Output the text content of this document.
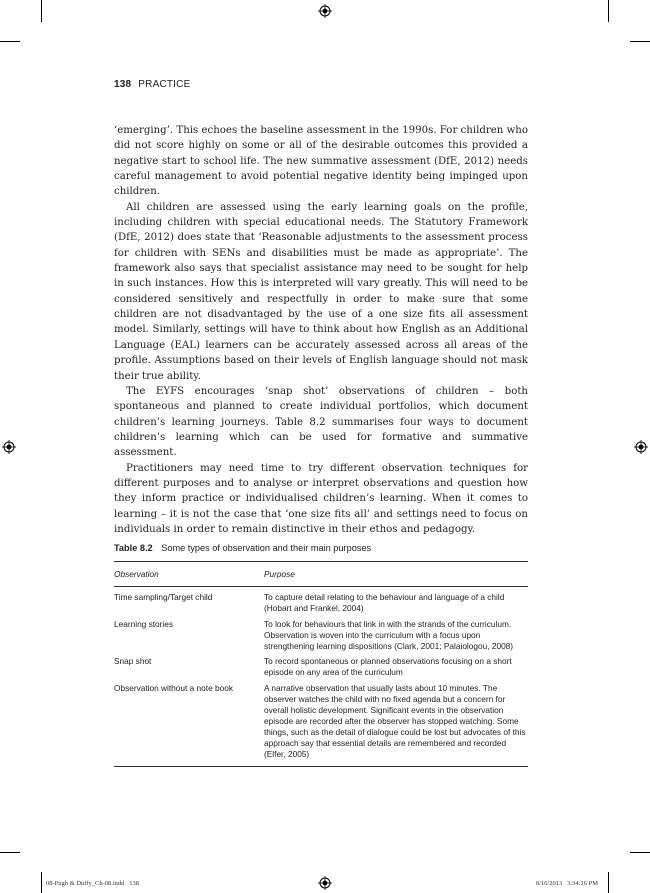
138 PRACTICE

‘emerging’. This echoes the baseline assessment in the 1990s. For children who did not score highly on some or all of the desirable outcomes this provided a negative start to school life. The new summative assessment (DfE, 2012) needs careful management to avoid potential negative identity being impinged upon children.

All children are assessed using the early learning goals on the profile, including children with special educational needs. The Statutory Framework (DfE, 2012) does state that ‘Reasonable adjustments to the assessment process for children with SENs and disabilities must be made as appropriate’. The framework also says that specialist assistance may need to be sought for help in such instances. How this is interpreted will vary greatly. This will need to be considered sensitively and respectfully in order to make sure that some children are not disadvantaged by the use of a one size fits all assessment model. Similarly, settings will have to think about how English as an Additional Language (EAL) learners can be accurately assessed across all areas of the profile. Assumptions based on their levels of English language should not mask their true ability.

The EYFS encourages ‘snap shot’ observations of children – both spontaneous and planned to create individual portfolios, which document children’s learning journeys. Table 8.2 summarises four ways to document children’s learning which can be used for formative and summative assessment.

Practitioners may need time to try different observation techniques for different purposes and to analyse or interpret observations and question how they inform practice or individualised children’s learning. When it comes to learning – it is not the case that ‘one size fits all’ and settings need to focus on individuals in order to remain distinctive in their ethos and pedagogy.

Table 8.2 Some types of observation and their main purposes
Observation	Purpose
Time sampling/Target child	To capture detail relating to the behaviour and language of a child (Hobart and Frankel, 2004)
Learning stories	To look for behaviours that link in with the strands of the curriculum. Observation is woven into the curriculum with a focus upon strengthening learning dispositions (Clark, 2001; Palaiologou, 2008)
Snap shot	To record spontaneous or planned observations focusing on a short episode on any area of the curriculum
Observation without a note book	A narrative observation that usually lasts about 10 minutes. The observer watches the child with no fixed agenda but a concern for overall holistic development. Significant events in the observation episode are recorded after the observer has stopped watching. Some things, such as the detail of dialogue could be lost but advocates of this approach say that essential details are remembered and recorded (Elfer, 2005)
08-Pugh & Duffy_Ch-08.indd   138	8/16/2013   3:34:16 PM
